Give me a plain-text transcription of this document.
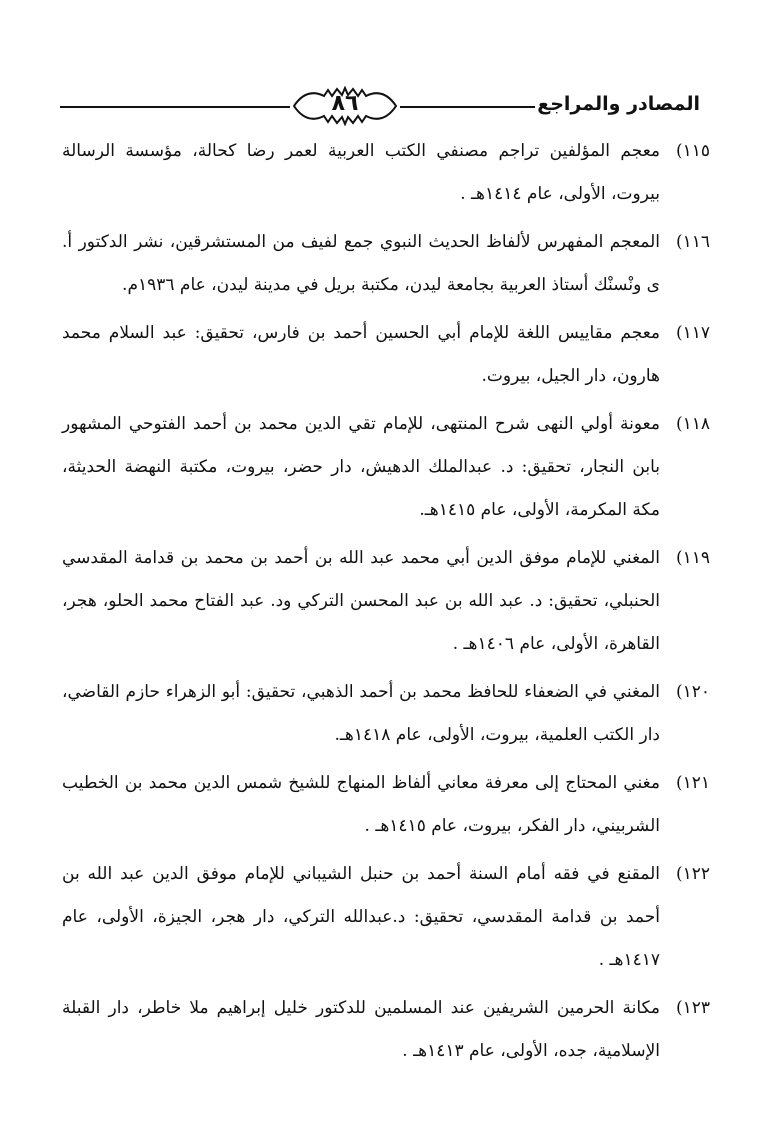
٨٦	المصادر والمراجع
١١٥)
معجم المؤلفين تراجم مصنفي الكتب العربية لعمر رضا كحالة، مؤسسة الرسالة بيروت، الأولى، عام ١٤١٤هـ .
١١٦)
المعجم المفهرس لألفاظ الحديث النبوي جمع لفيف من المستشرقين، نشر الدكتور أ. ى ونْسنْك أستاذ العربية بجامعة ليدن، مكتبة بريل في مدينة ليدن، عام ١٩٣٦م.
١١٧)
معجم مقاييس اللغة للإمام أبي الحسين أحمد بن فارس، تحقيق: عبد السلام محمد هارون، دار الجيل، بيروت.
١١٨)
معونة أولي النهى شرح المنتهى، للإمام تقي الدين محمد بن أحمد الفتوحي المشهور بابن النجار، تحقيق: د. عبدالملك الدهيش، دار حضر، بيروت، مكتبة النهضة الحديثة، مكة المكرمة، الأولى، عام ١٤١٥هـ.
١١٩)
المغني للإمام موفق الدين أبي محمد عبد الله بن أحمد بن محمد بن قدامة المقدسي الحنبلي، تحقيق: د. عبد الله بن عبد المحسن التركي ود. عبد الفتاح محمد الحلو، هجر، القاهرة، الأولى، عام ١٤٠٦هـ .
١٢٠)
المغني في الضعفاء للحافظ محمد بن أحمد الذهبي، تحقيق: أبو الزهراء حازم القاضي، دار الكتب العلمية، بيروت، الأولى، عام ١٤١٨هـ.
١٢١)
مغني المحتاج إلى معرفة معاني ألفاظ المنهاج للشيخ شمس الدين محمد بن الخطيب الشربيني، دار الفكر، بيروت، عام ١٤١٥هـ .
١٢٢)
المقنع في فقه أمام السنة أحمد بن حنبل الشيباني للإمام موفق الدين عبد الله بن أحمد بن قدامة المقدسي، تحقيق: د.عبدالله التركي، دار هجر، الجيزة، الأولى، عام ١٤١٧هـ .
١٢٣)
مكانة الحرمين الشريفين عند المسلمين للدكتور خليل إبراهيم ملا خاطر، دار القبلة الإسلامية، جده، الأولى، عام ١٤١٣هـ .
